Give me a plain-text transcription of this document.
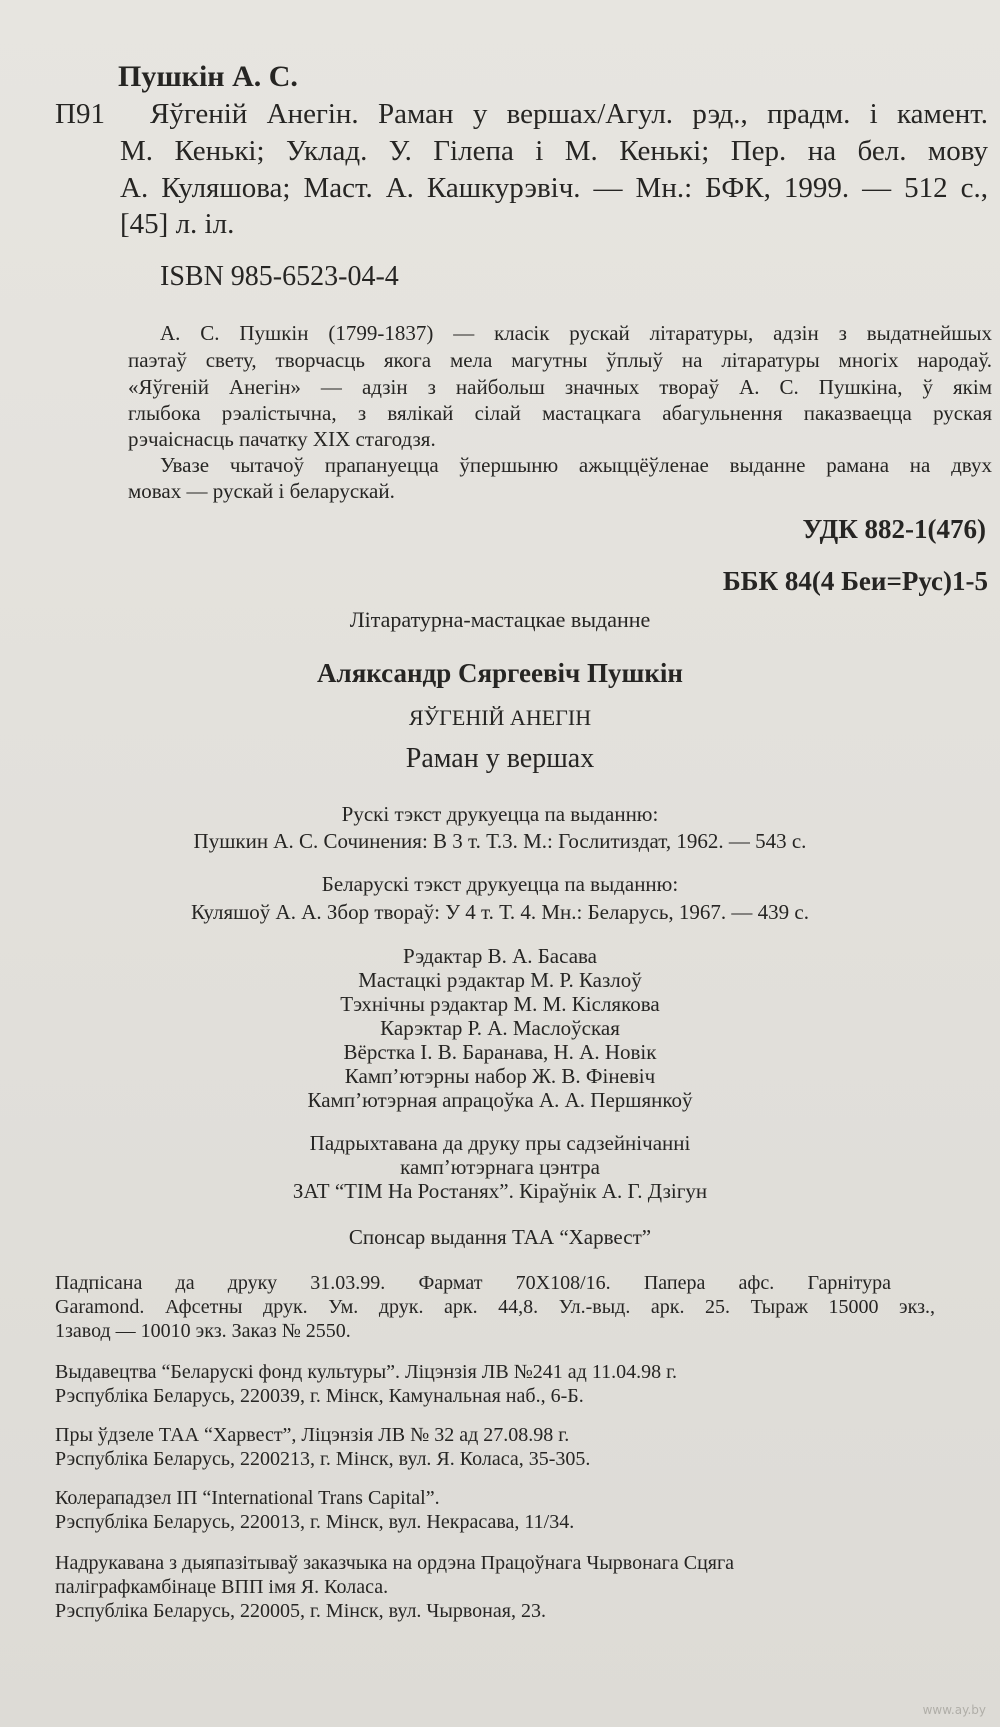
Пушкін А. С.
П91 Яўгеній Анегін. Раман у вершах/Агул. рэд., прадм. і камент.
М. Кенькі; Уклад. У. Гілепа і М. Кенькі; Пер. на бел. мову
А. Куляшова; Маст. А. Кашкурэвіч. — Мн.: БФК, 1999. — 512 с.,
[45] л. іл.
ISBN 985-6523-04-4
А. С. Пушкін (1799-1837) — класік рускай літаратуры, адзін з выдатнейшых
паэтаў свету, творчасць якога мела магутны ўплыў на літаратуры многіх народаў.
«Яўгеній Анегін» — адзін з найбольш значных твораў А. С. Пушкіна, ў якім
глыбока рэалістычна, з вялікай сілай мастацкага абагульнення паказваецца руская
рэчаіснасць пачатку XIX стагодзя.
Увазе чытачоў прапануецца ўпершыню ажыццёўленае выданне рамана на двух
мовах — рускай і беларускай.
УДК 882-1(476)
ББК 84(4 Беи=Рус)1-5
Літаратурна-мастацкае выданне
Аляксандр Сяргеевіч Пушкін
ЯЎГЕНІЙ АНЕГІН
Раман у вершах
Рускі тэкст друкуецца па выданню:
Пушкин А. С. Сочинения: В 3 т. Т.3. М.: Гослитиздат, 1962. — 543 с.
Беларускі тэкст друкуецца па выданню:
Куляшоў А. А. Збор твораў: У 4 т. Т. 4. Мн.: Беларусь, 1967. — 439 с.
Рэдактар В. А. Басава
Мастацкі рэдактар М. Р. Казлоў
Тэхнічны рэдактар М. М. Кіслякова
Карэктар Р. А. Маслоўская
Вёрстка І. В. Баранава, Н. А. Новік
Камп’ютэрны набор Ж. В. Фіневіч
Камп’ютэрная апрацоўка А. А. Першянкоў
Падрыхтавана да друку пры садзейнічанні
камп’ютэрнага цэнтра
ЗАТ “ТІМ На Ростанях”. Кіраўнік А. Г. Дзігун
Спонсар выдання ТАА “Харвест”
Падпісана да друку 31.03.99. Фармат 70Х108/16. Папера афс. Гарнітура
Garamond. Афсетны друк. Ум. друк. арк. 44,8. Ул.-выд. арк. 25. Тыраж 15000 экз.,
1завод — 10010 экз. Заказ № 2550.
Выдавецтва “Беларускі фонд культуры”. Ліцэнзія ЛВ №241 ад 11.04.98 г.
Рэспубліка Беларусь, 220039, г. Мінск, Камунальная наб., 6-Б.
Пры ўдзеле ТАА “Харвест”, Ліцэнзія ЛВ № 32 ад 27.08.98 г.
Рэспубліка Беларусь, 2200213, г. Мінск, вул. Я. Коласа, 35-305.
Колерападзел ІП “International Trans Capital”.
Рэспубліка Беларусь, 220013, г. Мінск, вул. Некрасава, 11/34.
Надрукавана з дыяпазітываў заказчыка на ордэна Працоўнага Чырвонага Сцяга
паліграфкамбінаце ВПП імя Я. Коласа.
Рэспубліка Беларусь, 220005, г. Мінск, вул. Чырвоная, 23.
www.ay.by
